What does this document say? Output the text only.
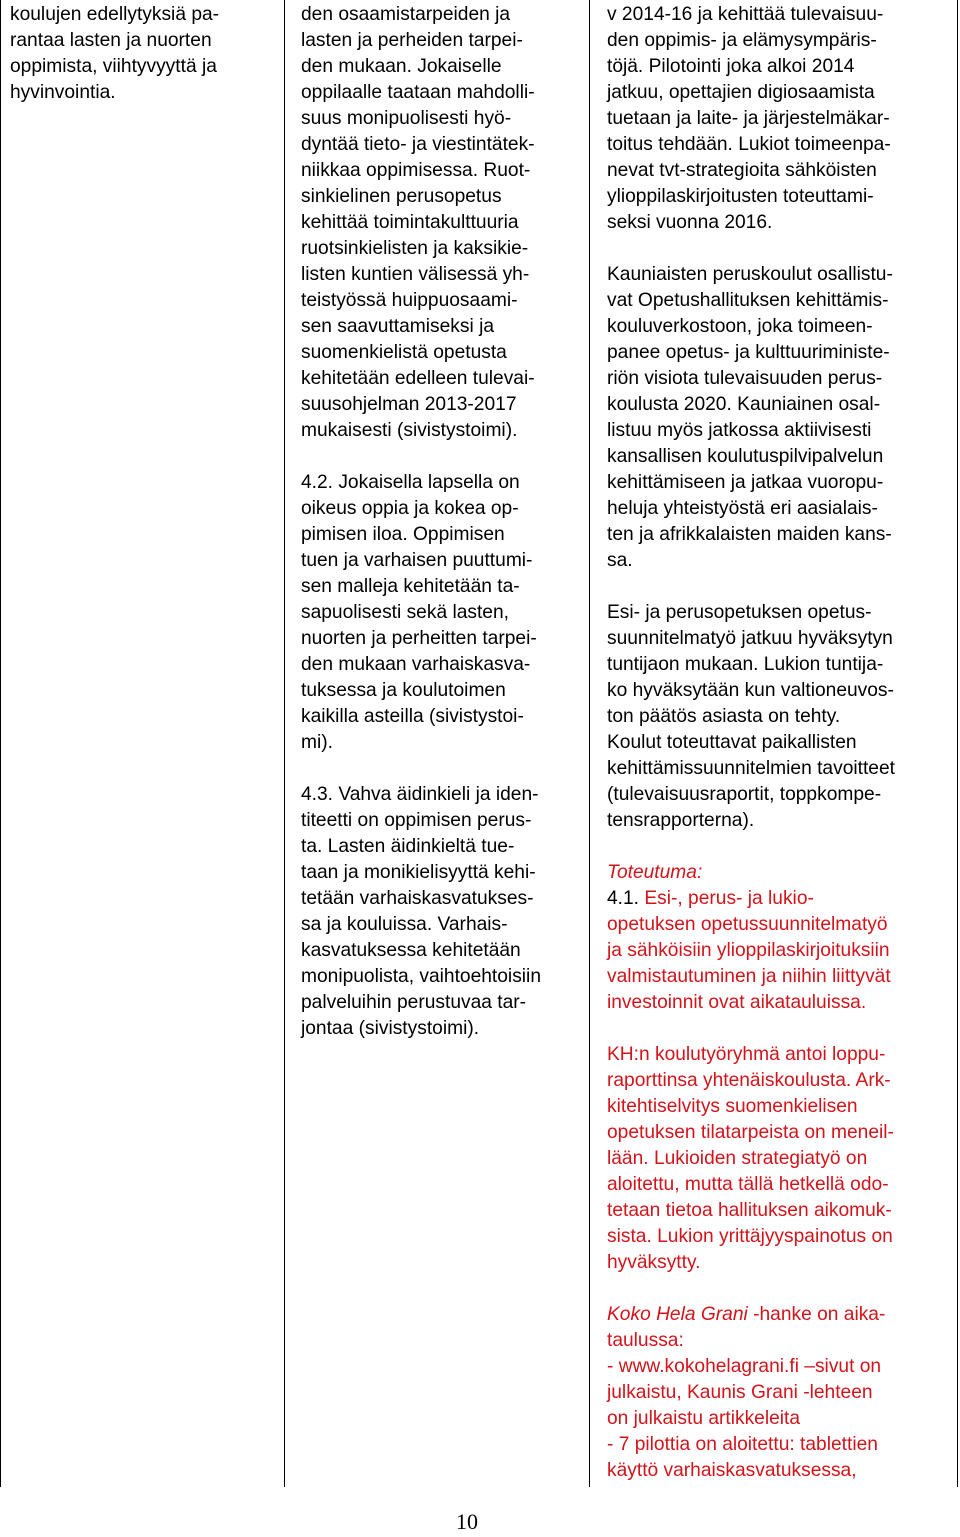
koulujen edellytyksiä pa-

rantaa lasten ja nuorten

oppimista, viihtyvyyttä ja

hyvinvointia.

den osaamistarpeiden ja

lasten ja perheiden tarpei-

den mukaan. Jokaiselle

oppilaalle taataan mahdolli-

suus monipuolisesti hyö-

dyntää tieto- ja viestintätek-

niikkaa oppimisessa. Ruot-

sinkielinen perusopetus

kehittää toimintakulttuuria

ruotsinkielisten ja kaksikie-

listen kuntien välisessä yh-

teistyössä huippuosaami-

sen saavuttamiseksi ja

suomenkielistä opetusta

kehitetään edelleen tulevai-

suusohjelman 2013-2017

mukaisesti (sivistystoimi).

4.2. Jokaisella lapsella on

oikeus oppia ja kokea op-

pimisen iloa. Oppimisen

tuen ja varhaisen puuttumi-

sen malleja kehitetään ta-

sapuolisesti sekä lasten,

nuorten ja perheitten tarpei-

den mukaan varhaiskasva-

tuksessa ja koulutoimen

kaikilla asteilla (sivistystoi-

mi).

4.3. Vahva äidinkieli ja iden-

titeetti on oppimisen perus-

ta. Lasten äidinkieltä tue-

taan ja monikielisyyttä kehi-

tetään varhaiskasvatukses-

sa ja kouluissa. Varhais-

kasvatuksessa kehitetään

monipuolista, vaihtoehtoisiin

palveluihin perustuvaa tar-

jontaa (sivistystoimi).

v 2014-16 ja kehittää tulevaisuu-

den oppimis- ja elämysympäris-

töjä. Pilotointi joka alkoi 2014

jatkuu, opettajien digiosaamista

tuetaan ja laite- ja järjestelmäkar-

toitus tehdään. Lukiot toimeenpa-

nevat tvt-strategioita sähköisten

ylioppilaskirjoitusten toteuttami-

seksi vuonna 2016.

Kauniaisten peruskoulut osallistu-

vat Opetushallituksen kehittämis-

kouluverkostoon, joka toimeen-

panee opetus- ja kulttuuriministe-

riön visiota tulevaisuuden perus-

koulusta 2020. Kauniainen osal-

listuu myös jatkossa aktiivisesti

kansallisen koulutuspilvipalvelun

kehittämiseen ja jatkaa vuoropu-

heluja yhteistyöstä eri aasialais-

ten ja afrikkalaisten maiden kans-

sa.

Esi- ja perusopetuksen opetus-

suunnitelmatyö jatkuu hyväksytyn

tuntijaon mukaan. Lukion tuntija-

ko hyväksytään kun valtioneuvos-

ton päätös asiasta on tehty.

Koulut toteuttavat paikallisten

kehittämissuunnitelmien tavoitteet

(tulevaisuusraportit, toppkompe-

tensrapporterna).

Toteutuma:

4.1. Esi-, perus- ja lukio-

opetuksen opetussuunnitelmatyö

ja sähköisiin ylioppilaskirjoituksiin

valmistautuminen ja niihin liittyvät

investoinnit ovat aikatauluissa.

KH:n koulutyöryhmä antoi loppu-

raporttinsa yhtenäiskoulusta. Ark-

kitehtiselvitys suomenkielisen

opetuksen tilatarpeista on meneil-

lään. Lukioiden strategiatyö on

aloitettu, mutta tällä hetkellä odo-

tetaan tietoa hallituksen aikomuk-

sista. Lukion yrittäjyyspainotus on

hyväksytty.

Koko Hela Grani -hanke on aika-

taulussa:

- www.kokohelagrani.fi –sivut on

julkaistu, Kaunis Grani -lehteen

on julkaistu artikkeleita

- 7 pilottia on aloitettu: tablettien

käyttö varhaiskasvatuksessa,

10
